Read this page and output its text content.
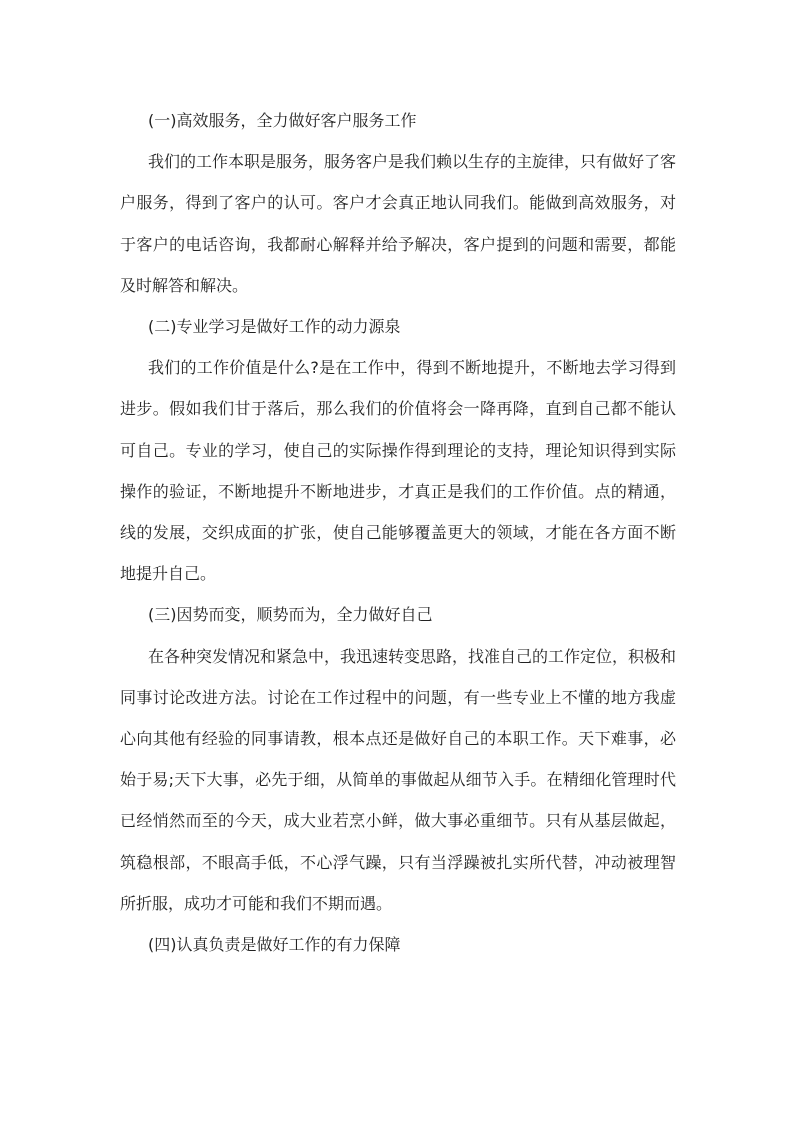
(一)高效服务，全力做好客户服务工作

我们的工作本职是服务，服务客户是我们赖以生存的主旋律，只有做好了客户服务，得到了客户的认可。客户才会真正地认同我们。能做到高效服务，对于客户的电话咨询，我都耐心解释并给予解决，客户提到的问题和需要，都能及时解答和解决。

(二)专业学习是做好工作的动力源泉

我们的工作价值是什么?是在工作中，得到不断地提升，不断地去学习得到进步。假如我们甘于落后，那么我们的价值将会一降再降，直到自己都不能认可自己。专业的学习，使自己的实际操作得到理论的支持，理论知识得到实际操作的验证，不断地提升不断地进步，才真正是我们的工作价值。点的精通，线的发展，交织成面的扩张，使自己能够覆盖更大的领域，才能在各方面不断地提升自己。

(三)因势而变，顺势而为，全力做好自己

在各种突发情况和紧急中，我迅速转变思路，找准自己的工作定位，积极和同事讨论改进方法。讨论在工作过程中的问题，有一些专业上不懂的地方我虚心向其他有经验的同事请教，根本点还是做好自己的本职工作。天下难事，必始于易;天下大事，必先于细，从简单的事做起从细节入手。在精细化管理时代已经悄然而至的今天，成大业若烹小鲜，做大事必重细节。只有从基层做起，筑稳根部，不眼高手低，不心浮气躁，只有当浮躁被扎实所代替，冲动被理智所折服，成功才可能和我们不期而遇。

(四)认真负责是做好工作的有力保障
